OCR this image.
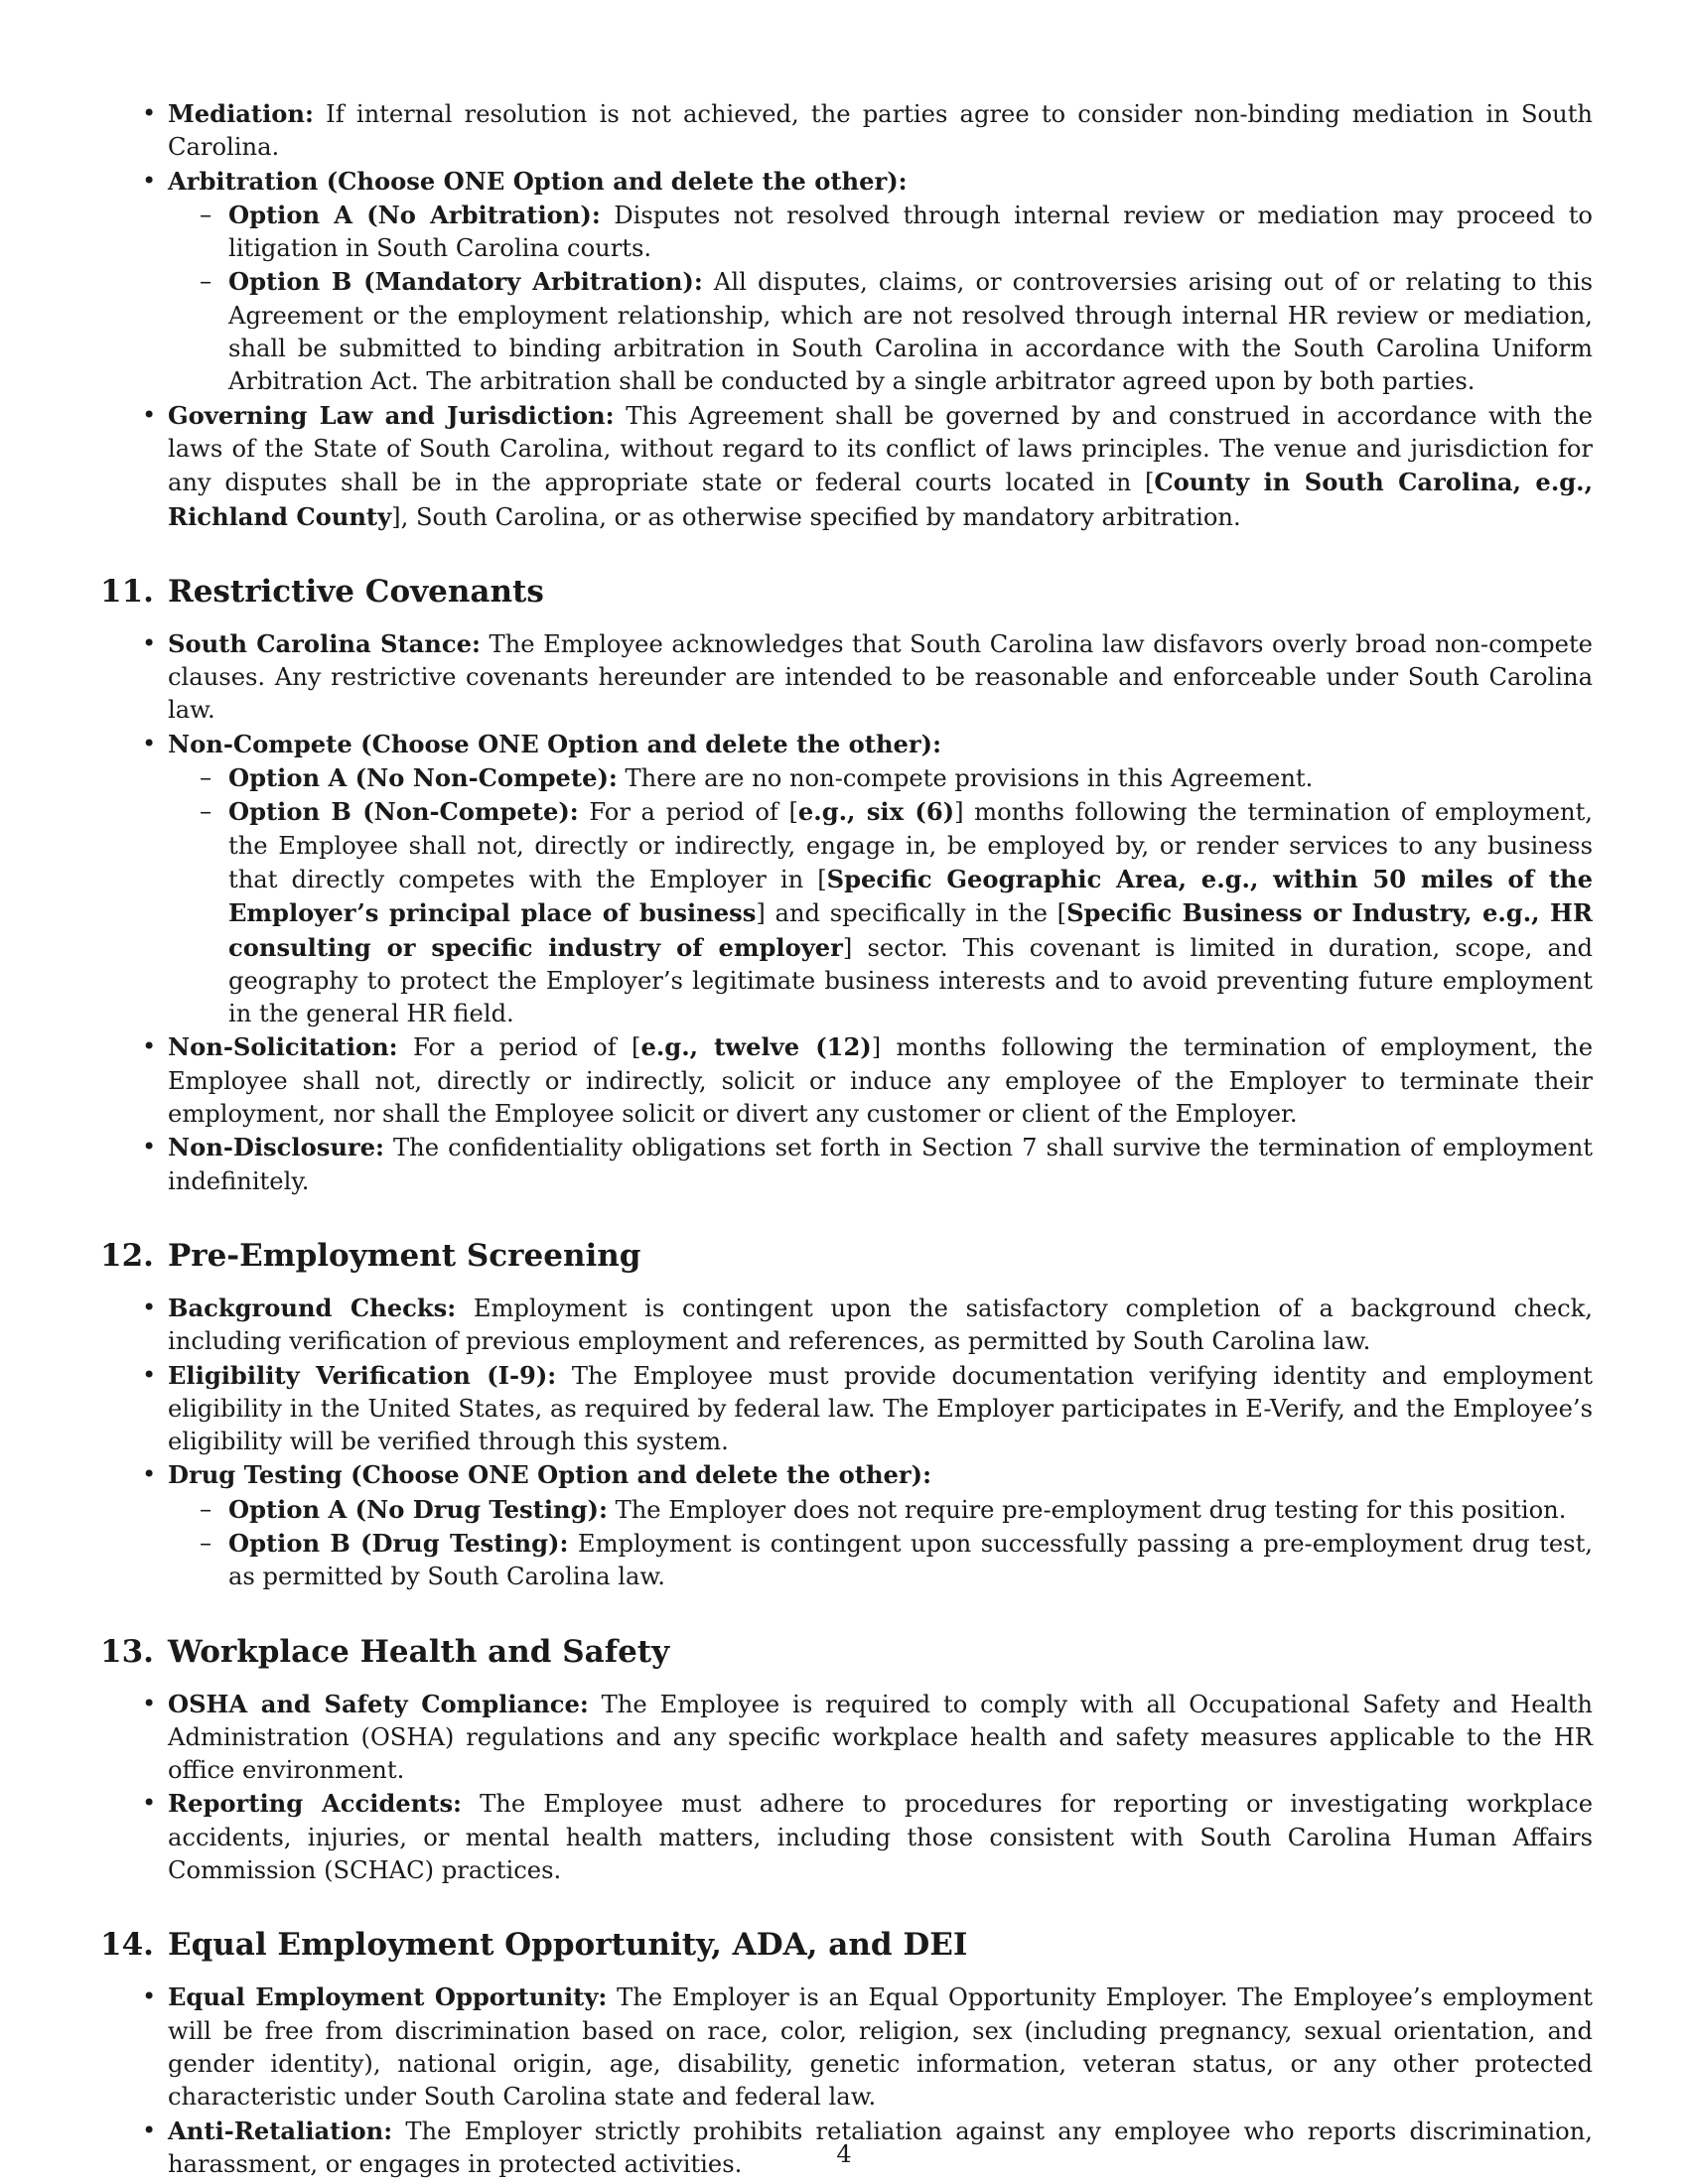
• Mediation: If internal resolution is not achieved, the parties agree to consider non-binding mediation in South Carolina.
• Arbitration (Choose ONE Option and delete the other):
– Option A (No Arbitration): Disputes not resolved through internal review or mediation may proceed to litigation in South Carolina courts.
– Option B (Mandatory Arbitration): All disputes, claims, or controversies arising out of or relating to this Agreement or the employment relationship, which are not resolved through internal HR review or mediation, shall be submitted to binding arbitration in South Carolina in accordance with the South Carolina Uniform Arbitration Act. The arbitration shall be conducted by a single arbitrator agreed upon by both parties.
• Governing Law and Jurisdiction: This Agreement shall be governed by and construed in accordance with the laws of the State of South Carolina, without regard to its conflict of laws principles. The venue and jurisdiction for any disputes shall be in the appropriate state or federal courts located in [County in South Carolina, e.g., Richland County], South Carolina, or as otherwise specified by mandatory arbitration.
11. Restrictive Covenants
• South Carolina Stance: The Employee acknowledges that South Carolina law disfavors overly broad non-compete clauses. Any restrictive covenants hereunder are intended to be reasonable and enforceable under South Carolina law.
• Non-Compete (Choose ONE Option and delete the other):
– Option A (No Non-Compete): There are no non-compete provisions in this Agreement.
– Option B (Non-Compete): For a period of [e.g., six (6)] months following the termination of employment, the Employee shall not, directly or indirectly, engage in, be employed by, or render services to any business that directly competes with the Employer in [Specific Geographic Area, e.g., within 50 miles of the Employer’s principal place of business] and specifically in the [Specific Business or Industry, e.g., HR consulting or specific industry of employer] sector. This covenant is limited in duration, scope, and geography to protect the Employer’s legitimate business interests and to avoid preventing future employment in the general HR field.
• Non-Solicitation: For a period of [e.g., twelve (12)] months following the termination of employment, the Employee shall not, directly or indirectly, solicit or induce any employee of the Employer to terminate their employment, nor shall the Employee solicit or divert any customer or client of the Employer.
• Non-Disclosure: The confidentiality obligations set forth in Section 7 shall survive the termination of employment indefinitely.
12. Pre-Employment Screening
• Background Checks: Employment is contingent upon the satisfactory completion of a background check, including verification of previous employment and references, as permitted by South Carolina law.
• Eligibility Verification (I-9): The Employee must provide documentation verifying identity and employment eligibility in the United States, as required by federal law. The Employer participates in E-Verify, and the Employee’s eligibility will be verified through this system.
• Drug Testing (Choose ONE Option and delete the other):
– Option A (No Drug Testing): The Employer does not require pre-employment drug testing for this position.
– Option B (Drug Testing): Employment is contingent upon successfully passing a pre-employment drug test, as permitted by South Carolina law.
13. Workplace Health and Safety
• OSHA and Safety Compliance: The Employee is required to comply with all Occupational Safety and Health Administration (OSHA) regulations and any specific workplace health and safety measures applicable to the HR office environment.
• Reporting Accidents: The Employee must adhere to procedures for reporting or investigating workplace accidents, injuries, or mental health matters, including those consistent with South Carolina Human Affairs Commission (SCHAC) practices.
14. Equal Employment Opportunity, ADA, and DEI
• Equal Employment Opportunity: The Employer is an Equal Opportunity Employer. The Employee’s employment will be free from discrimination based on race, color, religion, sex (including pregnancy, sexual orientation, and gender identity), national origin, age, disability, genetic information, veteran status, or any other protected characteristic under South Carolina state and federal law.
• Anti-Retaliation: The Employer strictly prohibits retaliation against any employee who reports discrimination, harassment, or engages in protected activities.	4
